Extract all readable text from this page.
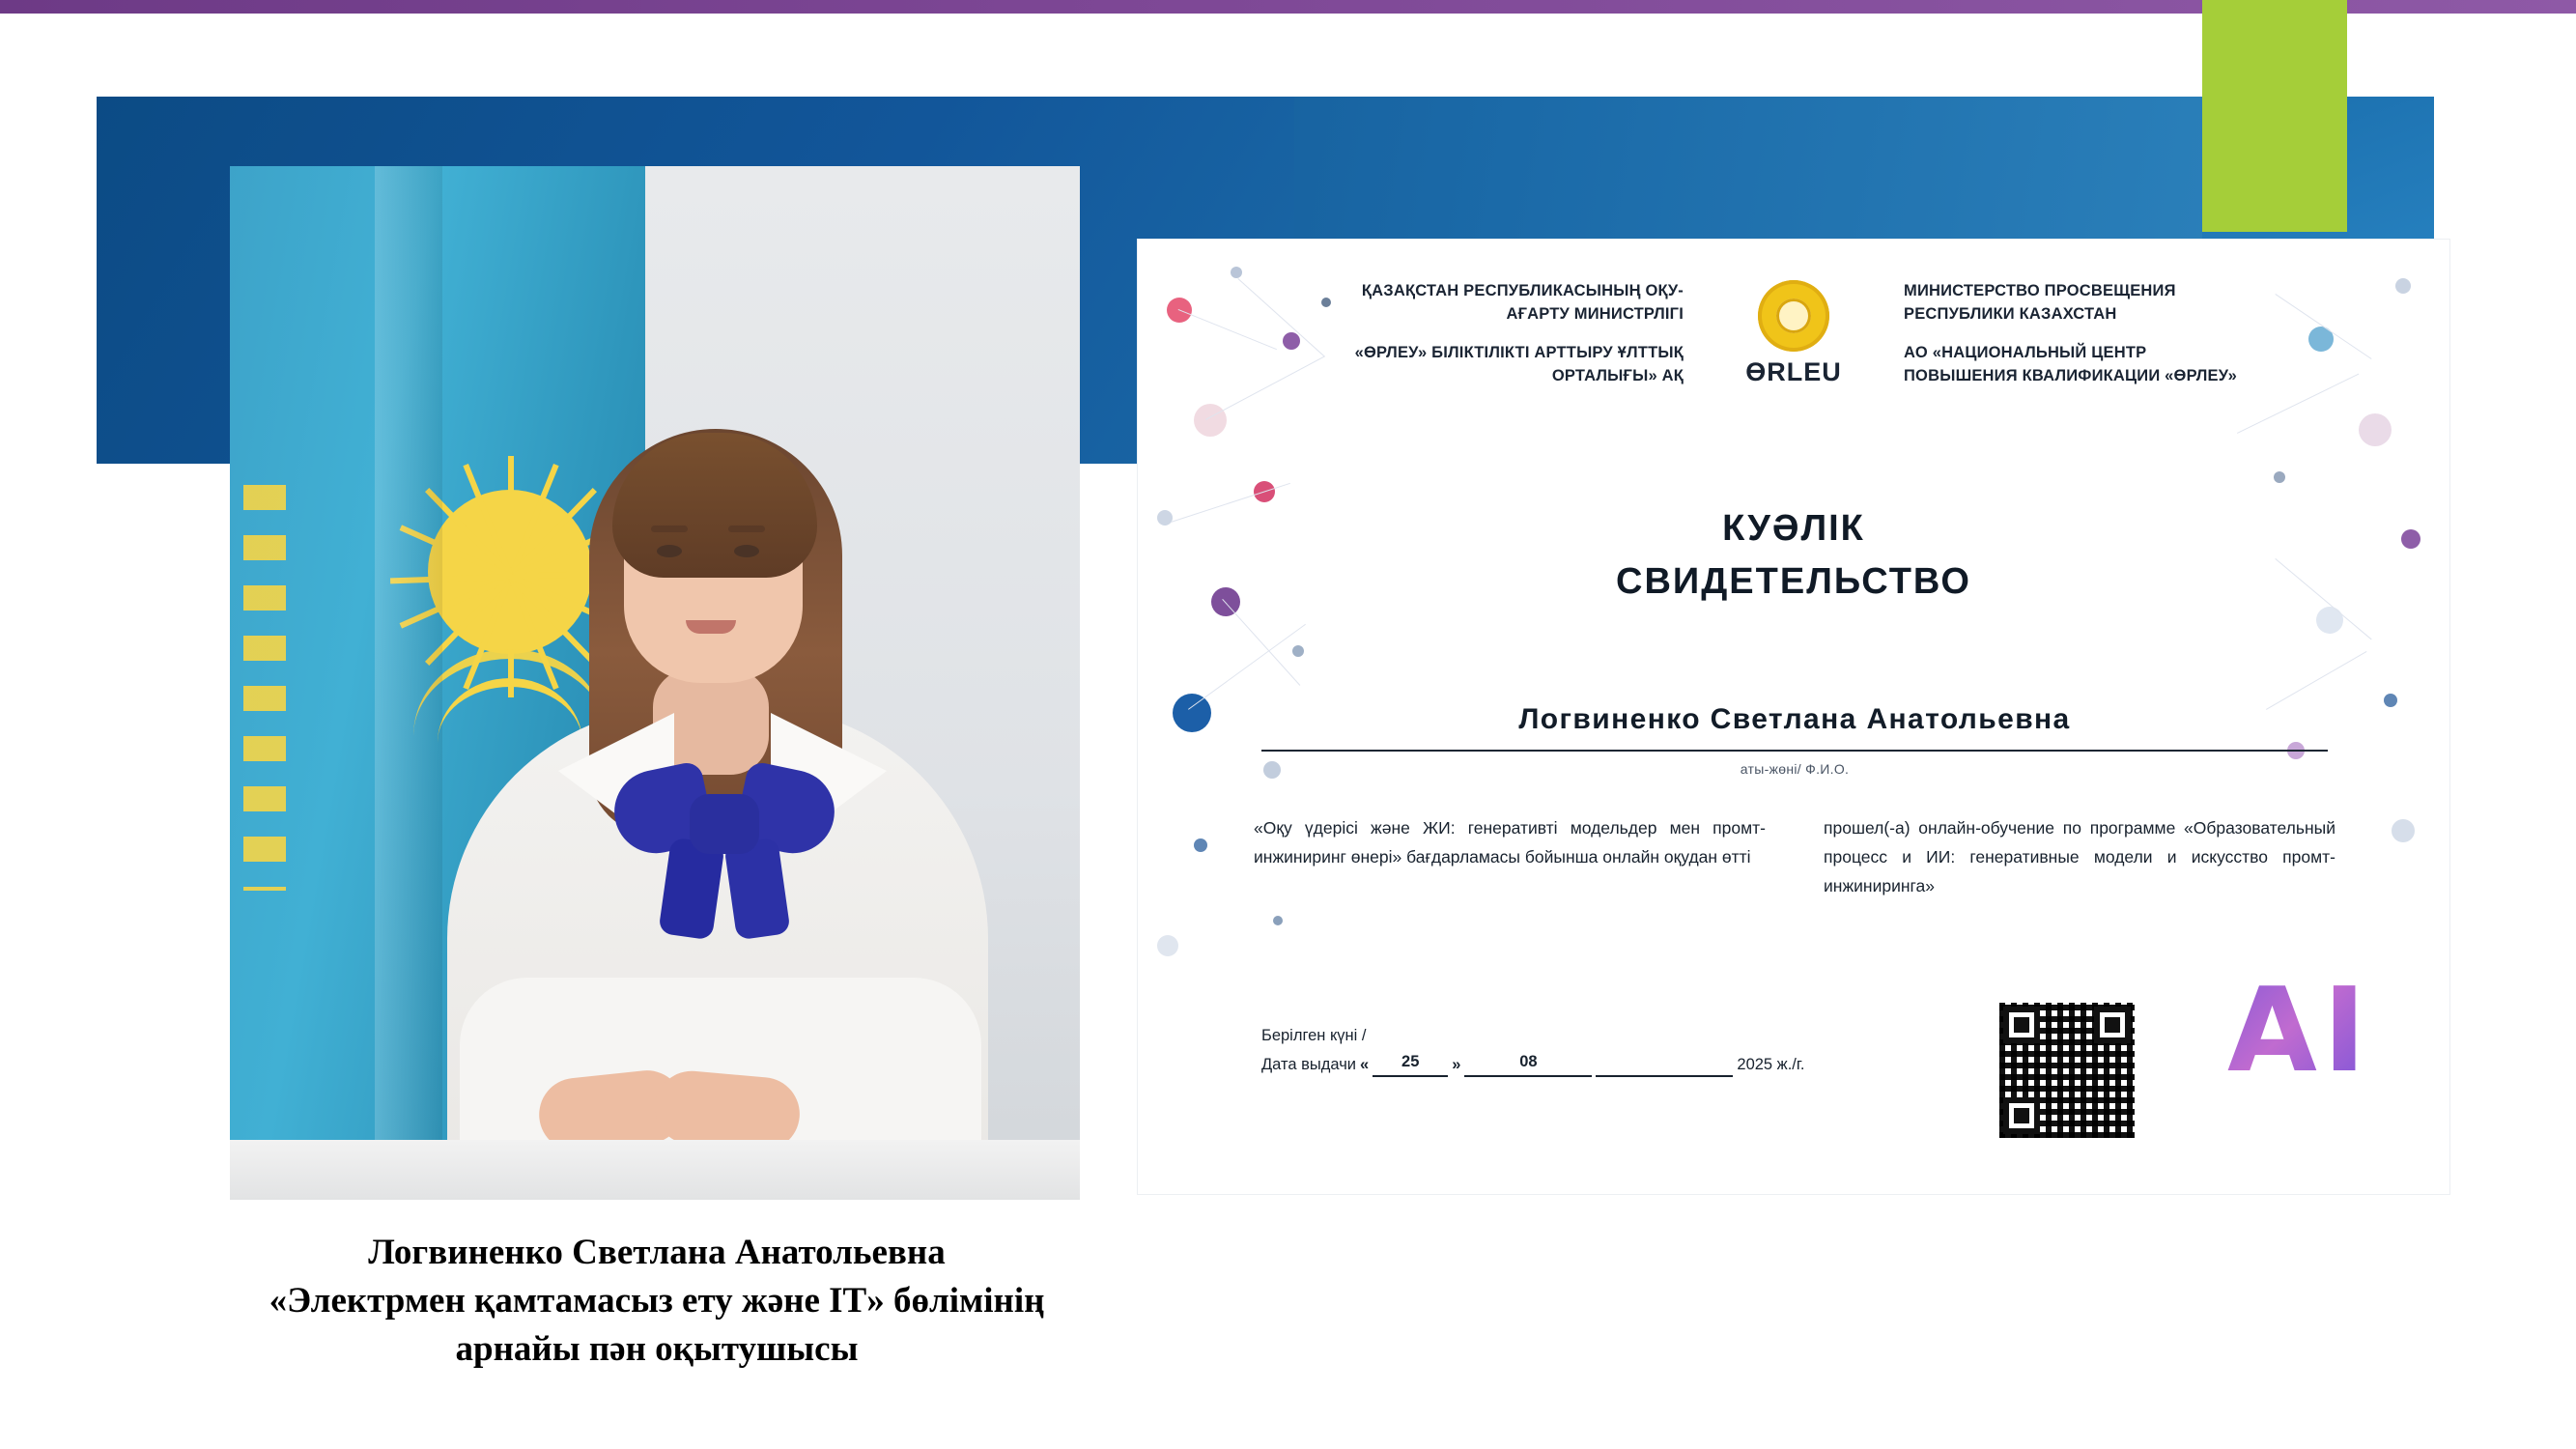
Логвиненко Светлана Анатольевна
«Электрмен қамтамасыз ету және IT» бөлімінің
арнайы пән оқытушысы

ҚАЗАҚСТАН РЕСПУБЛИКАСЫНЫҢ ОҚУ-АҒАРТУ МИНИСТРЛІГІ

«ӨРЛЕУ» БІЛІКТІЛІКТІ АРТТЫРУ ҰЛТТЫҚ ОРТАЛЫҒЫ» АҚ	ӨRLEU

МИНИСТЕРСТВО ПРОСВЕЩЕНИЯ РЕСПУБЛИКИ КАЗАХСТАН

АО «НАЦИОНАЛЬНЫЙ ЦЕНТР ПОВЫШЕНИЯ КВАЛИФИКАЦИИ «ӨРЛЕУ»

КУӘЛІК
СВИДЕТЕЛЬСТВО
Логвиненко Светлана Анатольевна
аты-жөні/ Ф.И.О.
«Оқу үдерісі және ЖИ: генеративті модельдер мен промт-инжиниринг өнері» бағдарламасы бойынша онлайн оқудан өтті
прошел(-а) онлайн-обучение по программе «Образовательный процесс и ИИ: генеративные модели и искусство промт-инжиниринга»
Берілген күні /
Дата выдачи «	25	»	08	2025 ж./г.	AI
